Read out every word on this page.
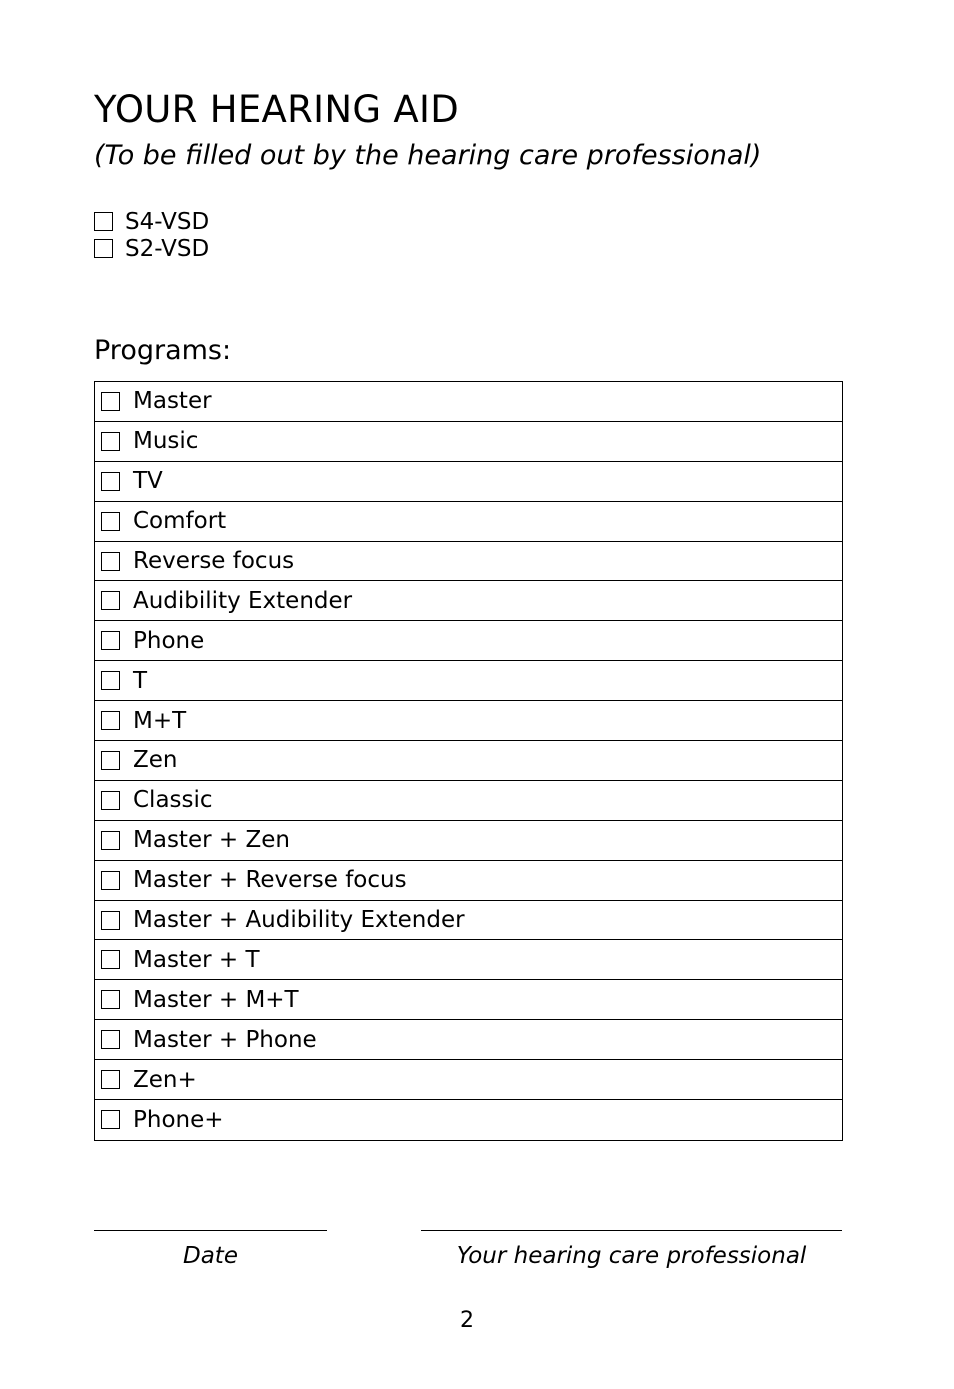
YOUR HEARING AID

(To be filled out by the hearing care professional)

S4-VSD
S2-VSD
Programs:
Master
Music
TV
Comfort
Reverse focus
Audibility Extender
Phone
T
M+T
Zen
Classic
Master + Zen
Master + Reverse focus
Master + Audibility Extender
Master + T
Master + M+T
Master + Phone
Zen+
Phone+
Date	Your hearing care professional
2
